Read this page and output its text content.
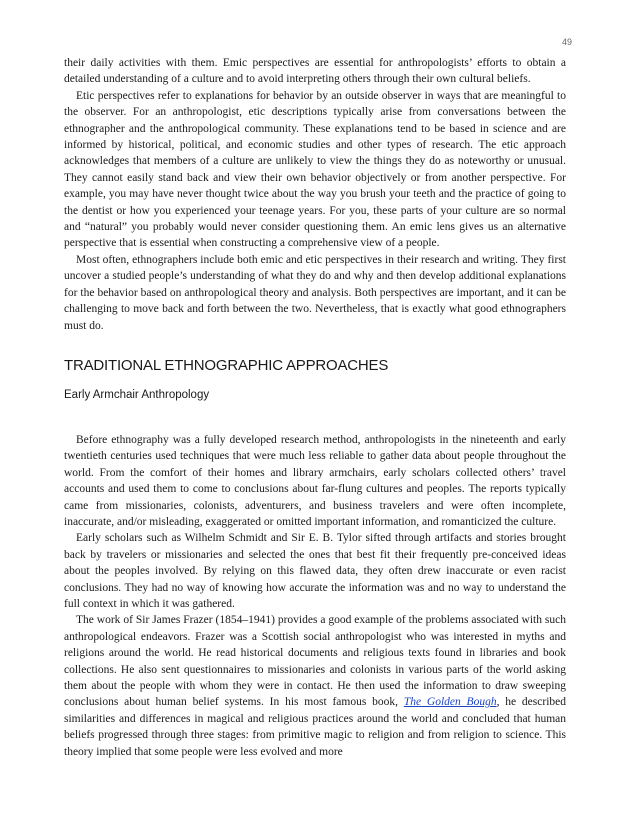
49

their daily activities with them. Emic perspectives are essential for anthropologists’ efforts to obtain a detailed understanding of a culture and to avoid interpreting others through their own cultural beliefs.

Etic perspectives refer to explanations for behavior by an outside observer in ways that are meaningful to the observer. For an anthropologist, etic descriptions typically arise from conversations between the ethnographer and the anthropological community. These explanations tend to be based in science and are informed by historical, political, and economic studies and other types of research. The etic approach acknowledges that members of a culture are unlikely to view the things they do as noteworthy or unusual. They cannot easily stand back and view their own behavior objectively or from another perspective. For example, you may have never thought twice about the way you brush your teeth and the practice of going to the dentist or how you experienced your teenage years. For you, these parts of your culture are so normal and “natural” you probably would never consider questioning them. An emic lens gives us an alternative perspective that is essential when constructing a comprehensive view of a people.

Most often, ethnographers include both emic and etic perspectives in their research and writing. They first uncover a studied people’s understanding of what they do and why and then develop additional explanations for the behavior based on anthropological theory and analysis. Both perspectives are important, and it can be challenging to move back and forth between the two. Nevertheless, that is exactly what good ethnographers must do.

TRADITIONAL ETHNOGRAPHIC APPROACHES
Early Armchair Anthropology

Before ethnography was a fully developed research method, anthropologists in the nineteenth and early twentieth centuries used techniques that were much less reliable to gather data about people throughout the world. From the comfort of their homes and library armchairs, early scholars collected others’ travel accounts and used them to come to conclusions about far-flung cultures and peoples. The reports typically came from missionaries, colonists, adventurers, and business travelers and were often incomplete, inaccurate, and/or misleading, exaggerated or omitted important information, and romanticized the culture.

Early scholars such as Wilhelm Schmidt and Sir E. B. Tylor sifted through artifacts and stories brought back by travelers or missionaries and selected the ones that best fit their frequently pre-conceived ideas about the peoples involved. By relying on this flawed data, they often drew inaccurate or even racist conclusions. They had no way of knowing how accurate the information was and no way to understand the full context in which it was gathered.

The work of Sir James Frazer (1854–1941) provides a good example of the problems associated with such anthropological endeavors. Frazer was a Scottish social anthropologist who was interested in myths and religions around the world. He read historical documents and religious texts found in libraries and book collections. He also sent questionnaires to missionaries and colonists in various parts of the world asking them about the people with whom they were in contact. He then used the information to draw sweeping conclusions about human belief systems. In his most famous book, The Golden Bough, he described similarities and differences in magical and religious practices around the world and concluded that human beliefs progressed through three stages: from primitive magic to religion and from religion to science. This theory implied that some people were less evolved and more
